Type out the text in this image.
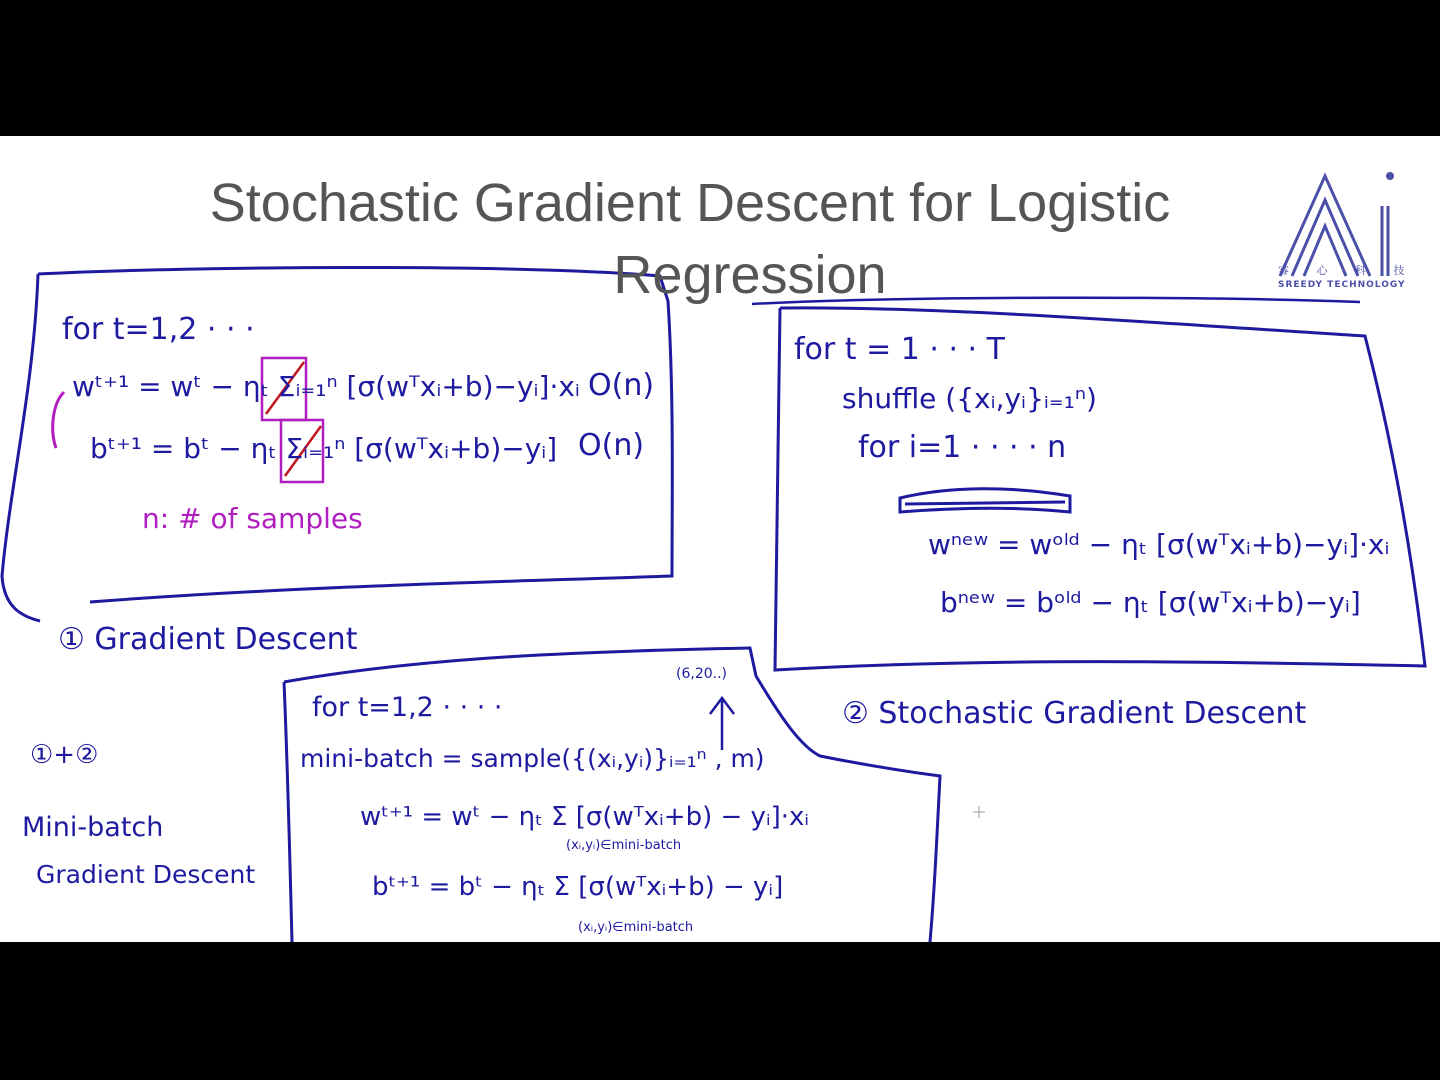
Stochastic Gradient Descent for Logistic
Regression	睿 心 科 技
SREEDY TECHNOLOGY
for t=1,2 · · ·
wᵗ⁺¹ = wᵗ − ηₜ Σᵢ₌₁ⁿ [σ(wᵀxᵢ+b)−yᵢ]·xᵢ O(n)
bᵗ⁺¹ = bᵗ − ηₜ Σᵢ₌₁ⁿ [σ(wᵀxᵢ+b)−yᵢ] O(n)
n: # of samples
① Gradient Descent
for t = 1 · · · T
shuffle ({xᵢ,yᵢ}ᵢ₌₁ⁿ)
for i=1 · · · · n
wⁿᵉʷ = wᵒˡᵈ − ηₜ [σ(wᵀxᵢ+b)−yᵢ]·xᵢ
bⁿᵉʷ = bᵒˡᵈ − ηₜ [σ(wᵀxᵢ+b)−yᵢ]
② Stochastic Gradient Descent
①+②
Mini-batch
Gradient Descent
(6,20..)
for t=1,2 · · · ·
mini-batch = sample({(xᵢ,yᵢ)}ᵢ₌₁ⁿ , m)
wᵗ⁺¹ = wᵗ − ηₜ Σ [σ(wᵀxᵢ+b) − yᵢ]·xᵢ
(xᵢ,yᵢ)∈mini-batch
bᵗ⁺¹ = bᵗ − ηₜ Σ [σ(wᵀxᵢ+b) − yᵢ]
(xᵢ,yᵢ)∈mini-batch
